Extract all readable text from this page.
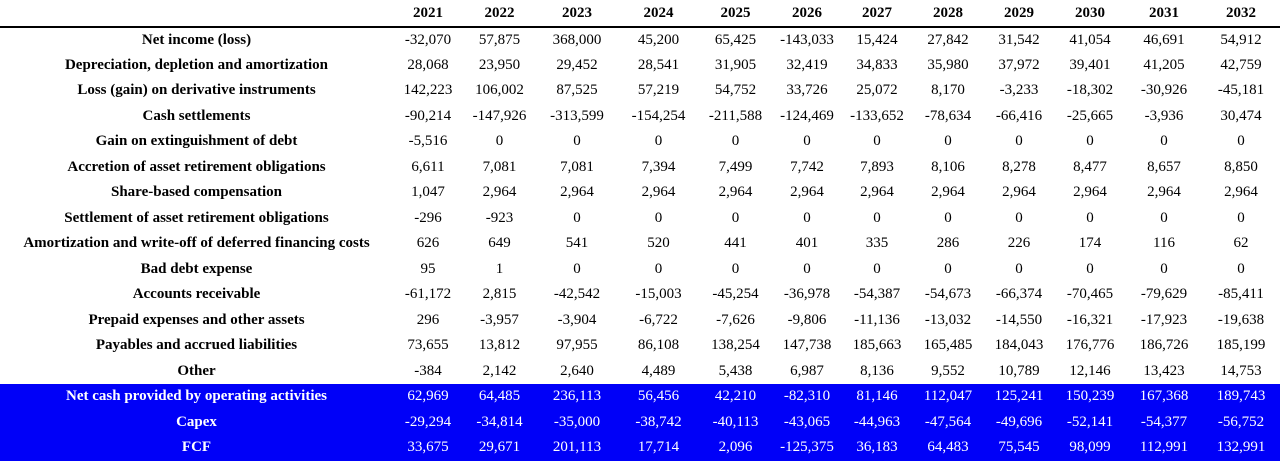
	2021	2022	2023	2024	2025	2026	2027	2028	2029	2030	2031	2032
Net income (loss)	-32,070	57,875	368,000	45,200	65,425	-143,033	15,424	27,842	31,542	41,054	46,691	54,912
Depreciation, depletion and amortization	28,068	23,950	29,452	28,541	31,905	32,419	34,833	35,980	37,972	39,401	41,205	42,759
Loss (gain) on derivative instruments	142,223	106,002	87,525	57,219	54,752	33,726	25,072	8,170	-3,233	-18,302	-30,926	-45,181
Cash settlements	-90,214	-147,926	-313,599	-154,254	-211,588	-124,469	-133,652	-78,634	-66,416	-25,665	-3,936	30,474
Gain on extinguishment of debt	-5,516	0	0	0	0	0	0	0	0	0	0	0
Accretion of asset retirement obligations	6,611	7,081	7,081	7,394	7,499	7,742	7,893	8,106	8,278	8,477	8,657	8,850
Share-based compensation	1,047	2,964	2,964	2,964	2,964	2,964	2,964	2,964	2,964	2,964	2,964	2,964
Settlement of asset retirement obligations	-296	-923	0	0	0	0	0	0	0	0	0	0
Amortization and write-off of deferred financing costs	626	649	541	520	441	401	335	286	226	174	116	62
Bad debt expense	95	1	0	0	0	0	0	0	0	0	0	0
Accounts receivable	-61,172	2,815	-42,542	-15,003	-45,254	-36,978	-54,387	-54,673	-66,374	-70,465	-79,629	-85,411
Prepaid expenses and other assets	296	-3,957	-3,904	-6,722	-7,626	-9,806	-11,136	-13,032	-14,550	-16,321	-17,923	-19,638
Payables and accrued liabilities	73,655	13,812	97,955	86,108	138,254	147,738	185,663	165,485	184,043	176,776	186,726	185,199
Other	-384	2,142	2,640	4,489	5,438	6,987	8,136	9,552	10,789	12,146	13,423	14,753
Net cash provided by operating activities	62,969	64,485	236,113	56,456	42,210	-82,310	81,146	112,047	125,241	150,239	167,368	189,743
Capex	-29,294	-34,814	-35,000	-38,742	-40,113	-43,065	-44,963	-47,564	-49,696	-52,141	-54,377	-56,752
FCF	33,675	29,671	201,113	17,714	2,096	-125,375	36,183	64,483	75,545	98,099	112,991	132,991
